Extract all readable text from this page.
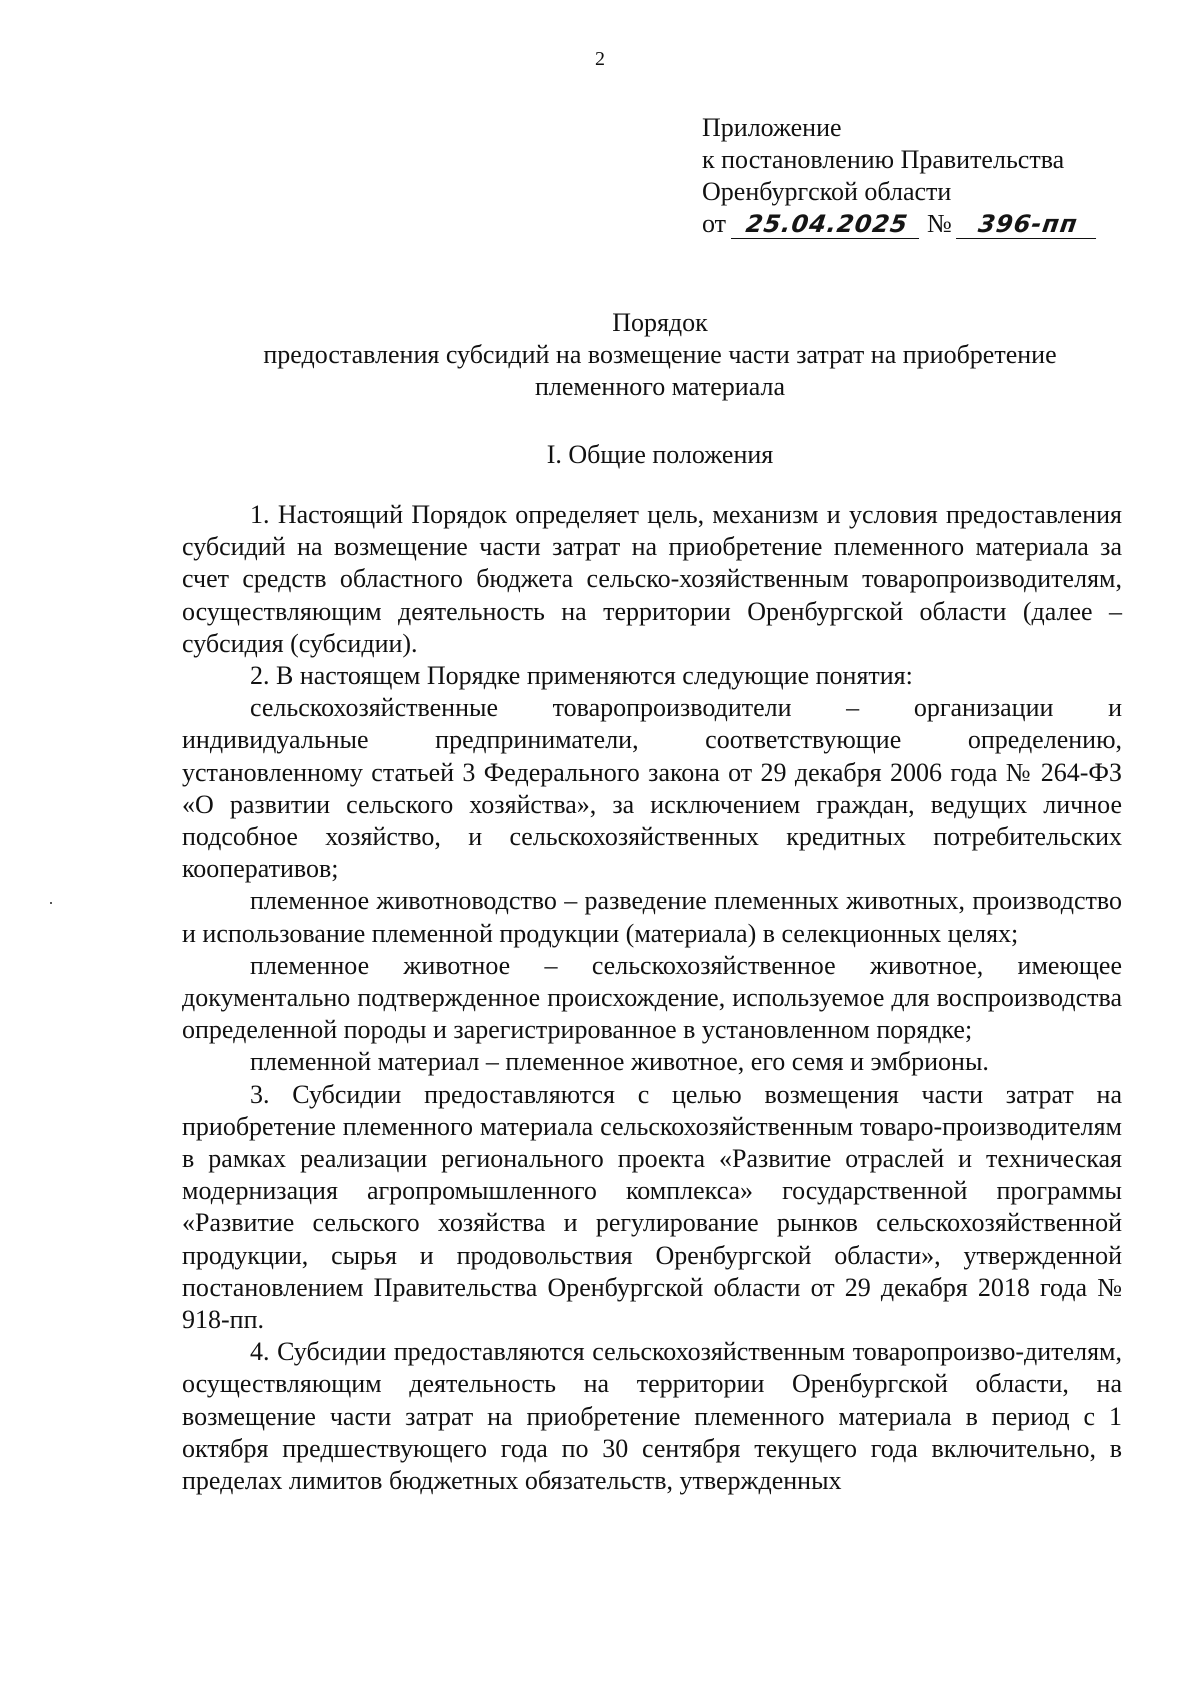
2
Приложение
к постановлению Правительства
Оренбургской области
от 25.04.2025 № 396-пп
Порядок
предоставления субсидий на возмещение части затрат на приобретение
племенного материала
I. Общие положения

1. Настоящий Порядок определяет цель, механизм и условия предоставления субсидий на возмещение части затрат на приобретение племенного материала за счет средств областного бюджета сельско-хозяйственным товаропроизводителям, осуществляющим деятельность на территории Оренбургской области (далее – субсидия (субсидии).

2. В настоящем Порядке применяются следующие понятия:

сельскохозяйственные товаропроизводители – организации и индивидуальные предприниматели, соответствующие определению, установленному статьей 3 Федерального закона от 29 декабря 2006 года № 264-ФЗ «О развитии сельского хозяйства», за исключением граждан, ведущих личное подсобное хозяйство, и сельскохозяйственных кредитных потребительских кооперативов;

племенное животноводство – разведение племенных животных, производство и использование племенной продукции (материала) в селекционных целях;

племенное животное – сельскохозяйственное животное, имеющее документально подтвержденное происхождение, используемое для воспроизводства определенной породы и зарегистрированное в установленном порядке;

племенной материал – племенное животное, его семя и эмбрионы.

3. Субсидии предоставляются с целью возмещения части затрат на приобретение племенного материала сельскохозяйственным товаро-производителям в рамках реализации регионального проекта «Развитие отраслей и техническая модернизация агропромышленного комплекса» государственной программы «Развитие сельского хозяйства и регулирование рынков сельскохозяйственной продукции, сырья и продовольствия Оренбургской области», утвержденной постановлением Правительства Оренбургской области от 29 декабря 2018 года № 918-пп.

4. Субсидии предоставляются сельскохозяйственным товаропроизво-дителям, осуществляющим деятельность на территории Оренбургской области, на возмещение части затрат на приобретение племенного материала в период с 1 октября предшествующего года по 30 сентября текущего года включительно, в пределах лимитов бюджетных обязательств, утвержденных
